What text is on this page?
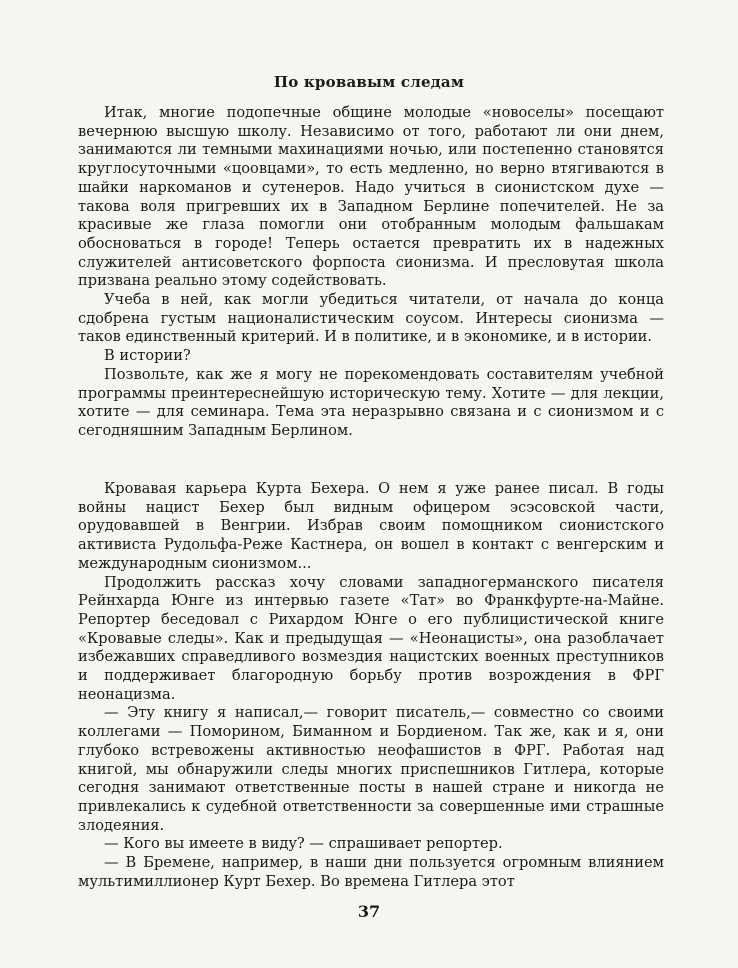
По кровавым следам

Итак, многие подопечные общине молодые «новоселы» посещают вечернюю высшую школу. Независимо от того, работают ли они днем, занимаются ли темными махинациями ночью, или постепенно становятся круглосуточными «цоовцами», то есть медленно, но верно втягиваются в шайки наркоманов и сутенеров. Надо учиться в сионистском духе — такова воля пригревших их в Западном Берлине попечителей. Не за красивые же глаза помогли они отобранным молодым фальшакам обосноваться в городе! Теперь остается превратить их в надежных служителей антисоветского форпоста сионизма. И пресловутая школа призвана реально этому содействовать.

Учеба в ней, как могли убедиться читатели, от начала до конца сдобрена густым националистическим соусом. Интересы сионизма — таков единственный критерий. И в политике, и в экономике, и в истории.

В истории?

Позвольте, как же я могу не порекомендовать составителям учебной программы преинтереснейшую историческую тему. Хотите — для лекции, хотите — для семинара. Тема эта неразрывно связана и с сионизмом и с сегодняшним Западным Берлином.

Кровавая карьера Курта Бехера. О нем я уже ранее писал. В годы войны нацист Бехер был видным офицером эсэсовской части, орудовавшей в Венгрии. Избрав своим помощником сионистского активиста Рудольфа-Реже Кастнера, он вошел в контакт с венгерским и международным сионизмом...

Продолжить рассказ хочу словами западногерманского писателя Рейнхарда Юнге из интервью газете «Тат» во Франкфурте-на-Майне. Репортер беседовал с Рихардом Юнге о его публицистической книге «Кровавые следы». Как и предыдущая — «Неонацисты», она разоблачает избежавших справедливого возмездия нацистских военных преступников и поддерживает благородную борьбу против возрождения в ФРГ неонацизма.

— Эту книгу я написал,— говорит писатель,— совместно со своими коллегами — Поморином, Биманном и Бордиеном. Так же, как и я, они глубоко встревожены активностью неофашистов в ФРГ. Работая над книгой, мы обнаружили следы многих приспешников Гитлера, которые сегодня занимают ответственные посты в нашей стране и никогда не привлекались к судебной ответственности за совершенные ими страшные злодеяния.

— Кого вы имеете в виду? — спрашивает репортер.

— В Бремене, например, в наши дни пользуется огромным влиянием мультимиллионер Курт Бехер. Во времена Гитлера этот

37
